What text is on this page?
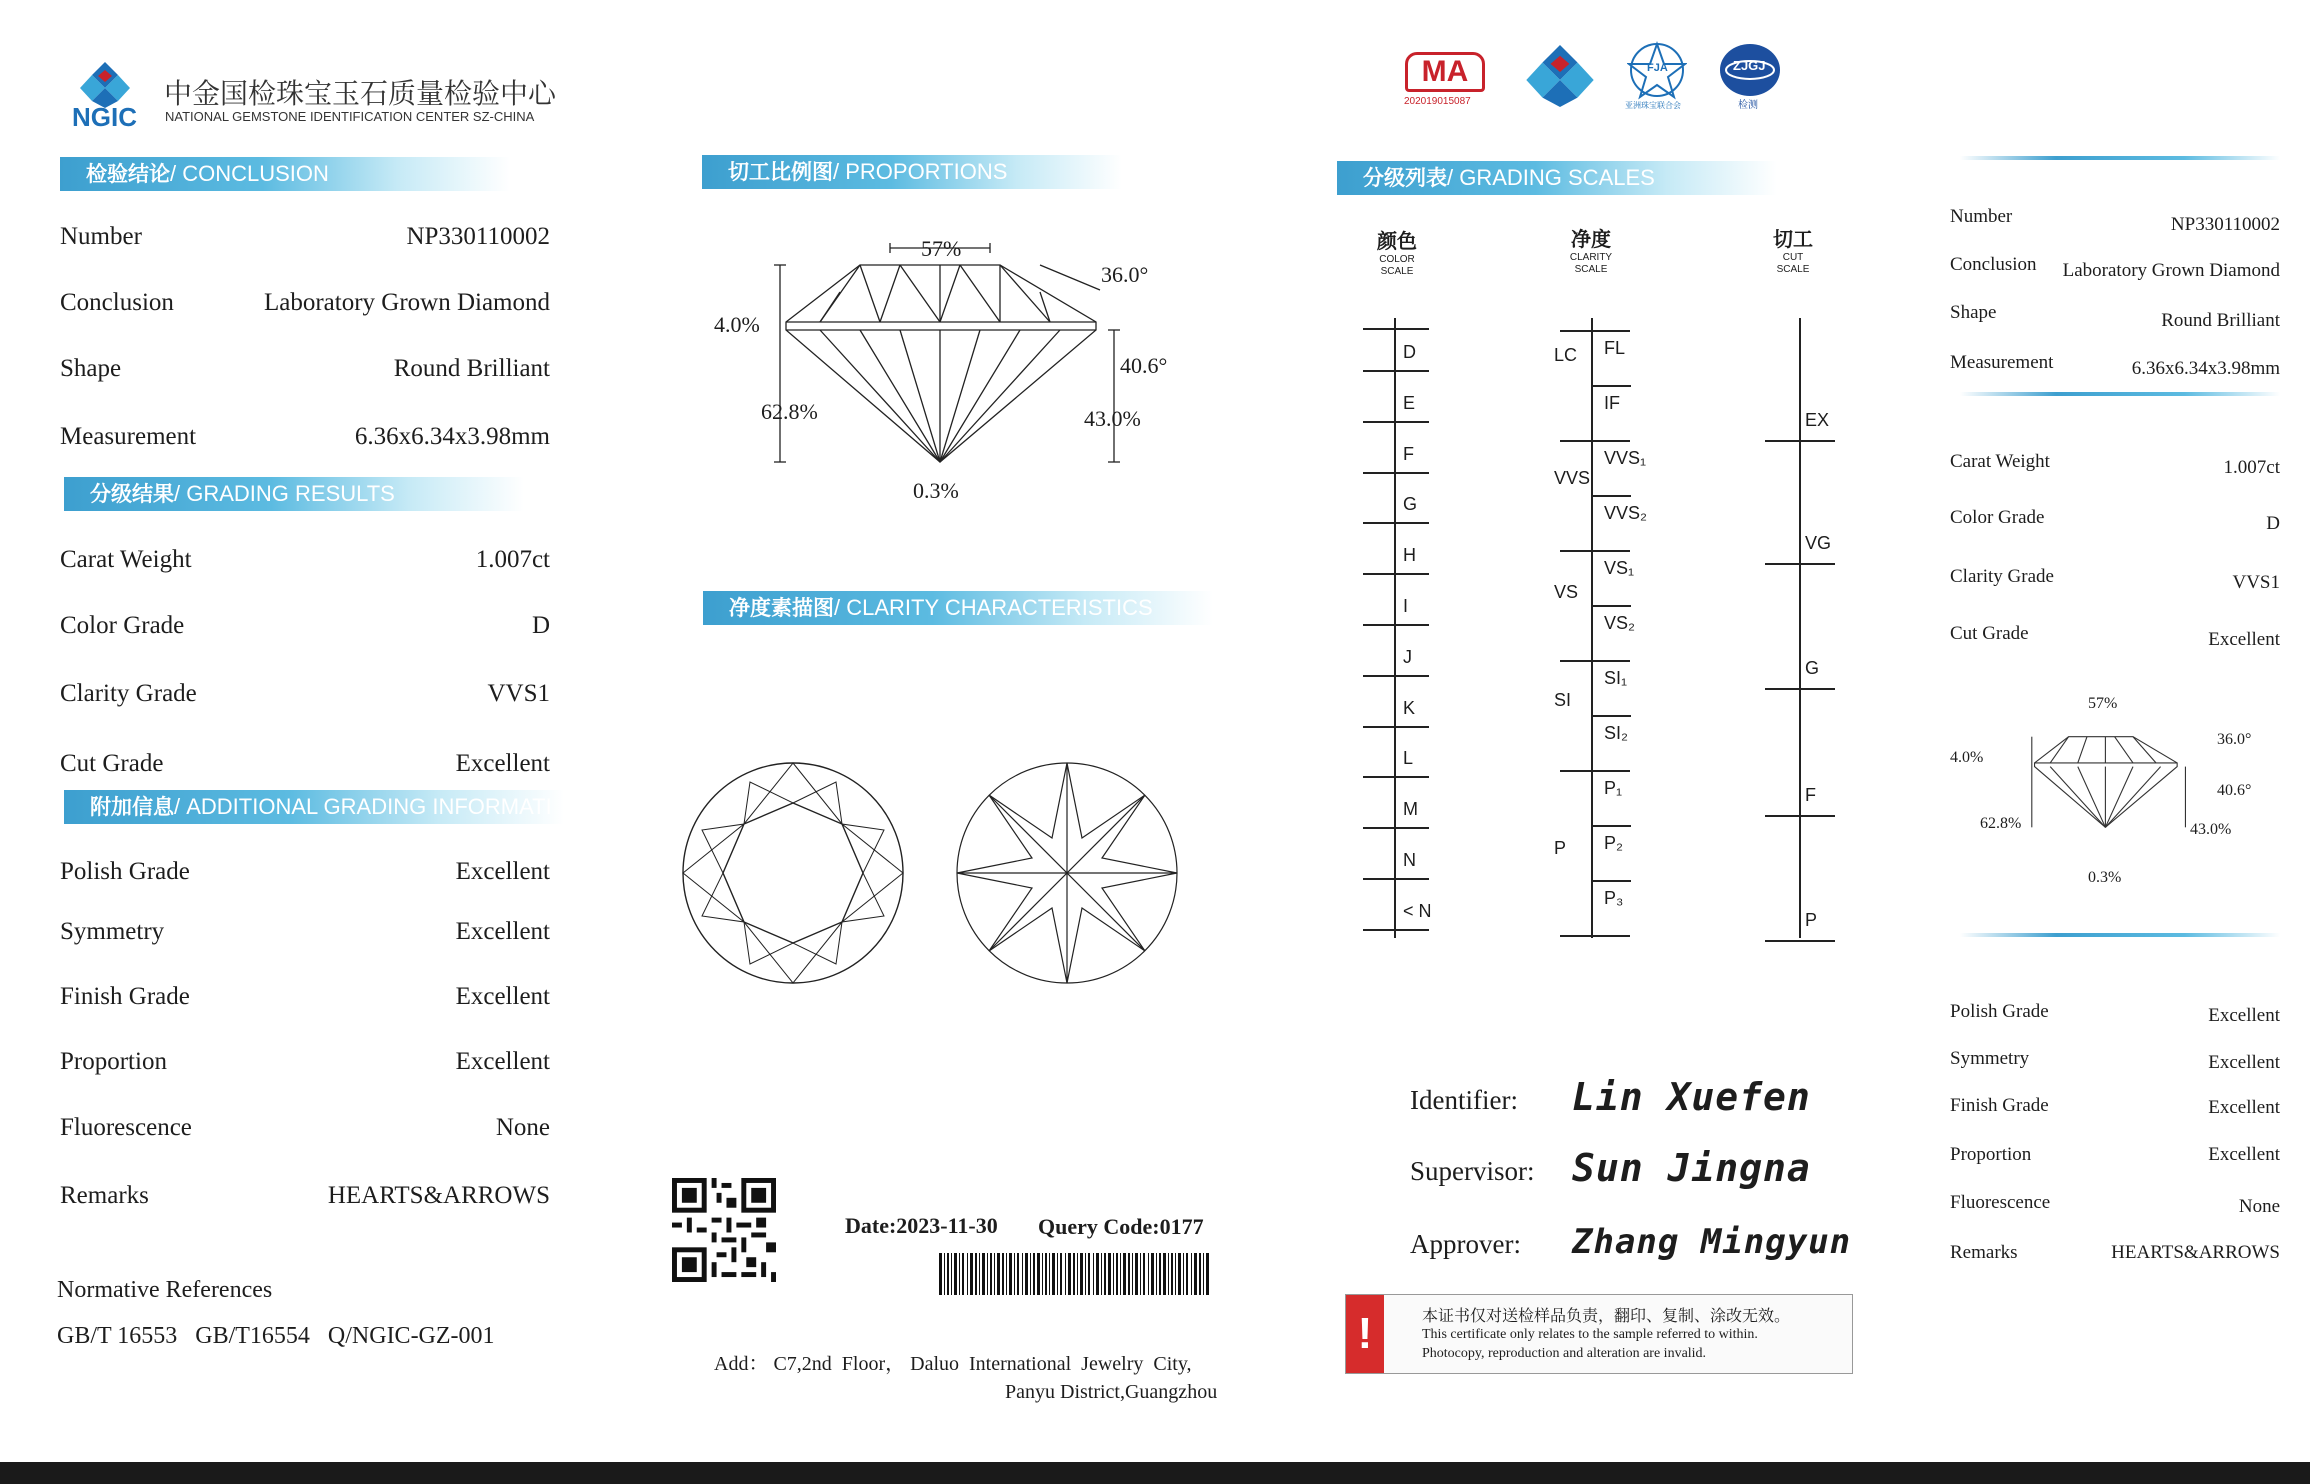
NGIC
中金国检珠宝玉石质量检验中心
NATIONAL GEMSTONE IDENTIFICATION CENTER SZ-CHINA
检验结论/ CONCLUSION
Number	NP330110002
Conclusion	Laboratory Grown Diamond
Shape	Round Brilliant
Measurement	6.36x6.34x3.98mm
分级结果/ GRADING RESULTS
Carat Weight	1.007ct
Color Grade	D
Clarity Grade	VVS1
Cut Grade	Excellent
附加信息/ ADDITIONAL GRADING INFORMATI
Polish Grade	Excellent
Symmetry	Excellent
Finish Grade	Excellent
Proportion	Excellent
Fluorescence	None
Remarks	HEARTS&ARROWS
Normative References
GB/T 16553   GB/T16554   Q/NGIC-GZ-001
切工比例图/ PROPORTIONS
57%
36.0°
4.0%
40.6°
62.8%	43.0%
0.3%
净度素描图/ CLARITY CHARACTERISTICS
Date:2023-11-30 Query Code:0177
Add： C7,2nd  Floor， Daluo  International  Jewelry  City,
Panyu District,Guangzhou
MA
202019015087
FJA
亚洲珠宝联合会
ZJGJ
检测
分级列表/ GRADING SCALES
颜色
COLOR
SCALE
净度
CLARITY
SCALE
切工
CUT
SCALE
D
E
F
G
H
I
J
K
L
M
N
< N
FL
IF
VVS₁
VVS₂
VS₁
VS₂
SI₁
SI₂
P₁
P₂
P₃
LC
VVS
VS
SI
P
EX
VG
G
F
P
Identifier: Lin Xuefen
Supervisor: Sun Jingna
Approver: Zhang Mingyun
!	本证书仅对送检样品负责，翻印、复制、涂改无效。
This certificate only relates to the sample referred to within.
Photocopy, reproduction and alteration are invalid.
Number	NP330110002
Conclusion Laboratory Grown Diamond
Shape	Round Brilliant
Measurement	6.36x6.34x3.98mm
Carat Weight	1.007ct
Color Grade	D
Clarity Grade	VVS1
Cut Grade	Excellent
57%
36.0°
4.0%
40.6°
62.8%	43.0%
0.3%
Polish Grade	Excellent
Symmetry	Excellent
Finish Grade	Excellent
Proportion	Excellent
Fluorescence	None
Remarks	HEARTS&ARROWS
